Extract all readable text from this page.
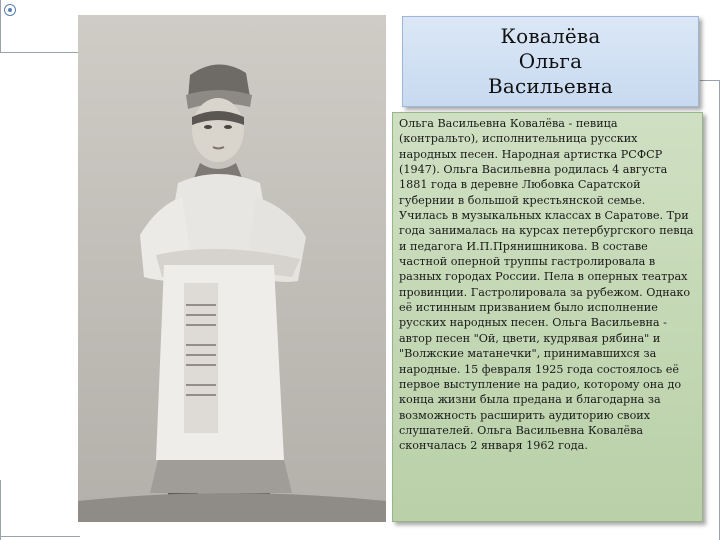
Ковалёва
Ольга
Васильевна

Ольга Васильевна Ковалёва - певица (контральто), исполнительница русских народных песен. Народная артистка РСФСР (1947). Ольга Васильевна родилась 4 августа 1881 года в деревне Любовка Саратской губернии в большой крестьянской семье. Училась в музыкальных классах в Саратове. Три года занималась на курсах петербургского певца и педагога И.П.Прянишникова. В составе частной оперной труппы гастролировала в разных городах России. Пела в оперных театрах провинции. Гастролировала за рубежом. Однако её истинным призванием было исполнение русских народных песен. Ольга Васильевна - автор песен "Ой, цвети, кудрявая рябина" и "Волжские матанечки", принимавшихся за народные. 15 февраля 1925 года состоялось её первое выступление на радио, которому она до конца жизни была предана и благодарна за возможность расширить аудиторию своих слушателей. Ольга Васильевна Ковалёва скончалась 2 января 1962 года.
